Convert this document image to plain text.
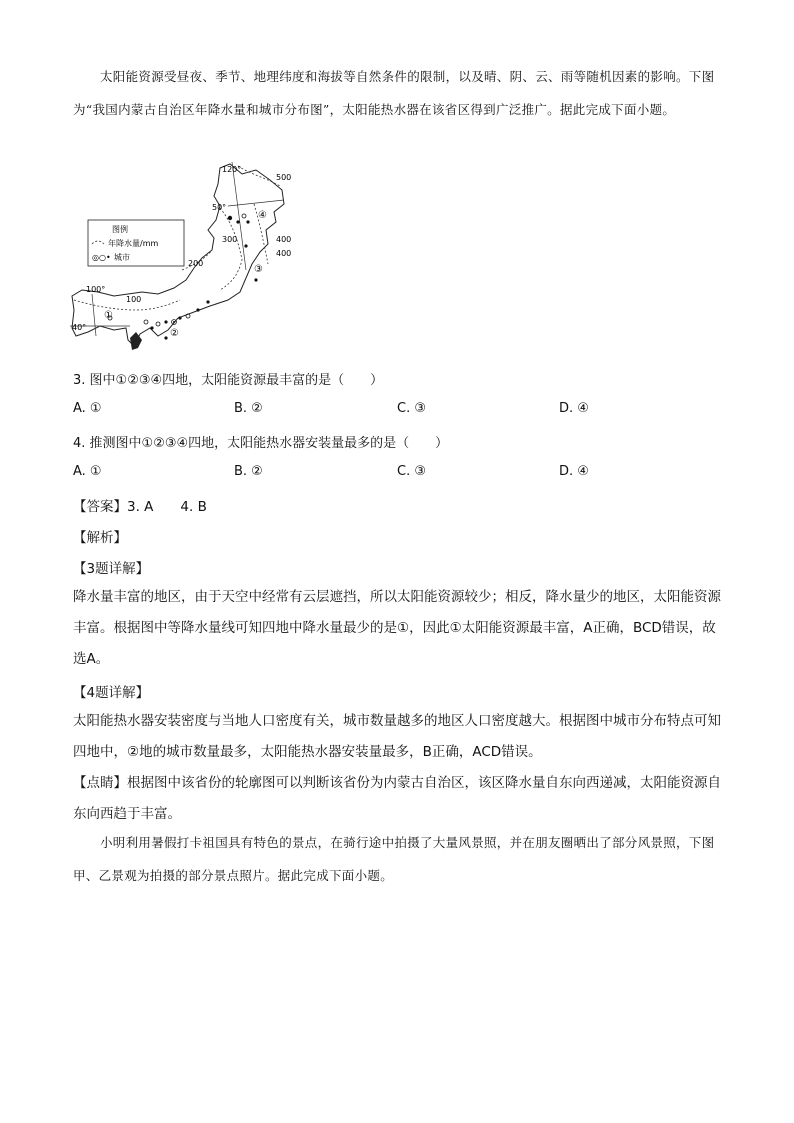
太阳能资源受昼夜、季节、地理纬度和海拔等自然条件的限制，以及晴、阴、云、雨等随机因素的影响。下图为“我国内蒙古自治区年降水量和城市分布图”，太阳能热水器在该省区得到广泛推广。据此完成下面小题。

120°
50°
100°
40°
500
400
400
300
200
100
①
②
③
④
图例
年降水量/mm
◎○• 城市

3. 图中①②③④四地，太阳能资源最丰富的是（　　）

A. ①	B. ②	C. ③	D. ④

4. 推测图中①②③④四地，太阳能热水器安装量最多的是（　　）

A. ①	B. ②	C. ③	D. ④

【答案】3. A　　4. B

【解析】

【3题详解】

降水量丰富的地区，由于天空中经常有云层遮挡，所以太阳能资源较少；相反，降水量少的地区，太阳能资源丰富。根据图中等降水量线可知四地中降水量最少的是①，因此①太阳能资源最丰富，A正确，BCD错误，故选A。

【4题详解】

太阳能热水器安装密度与当地人口密度有关，城市数量越多的地区人口密度越大。根据图中城市分布特点可知四地中，②地的城市数量最多，太阳能热水器安装量最多，B正确，ACD错误。

【点睛】根据图中该省份的轮廓图可以判断该省份为内蒙古自治区，该区降水量自东向西递减，太阳能资源自东向西趋于丰富。

小明利用暑假打卡祖国具有特色的景点，在骑行途中拍摄了大量风景照，并在朋友圈晒出了部分风景照，下图甲、乙景观为拍摄的部分景点照片。据此完成下面小题。
